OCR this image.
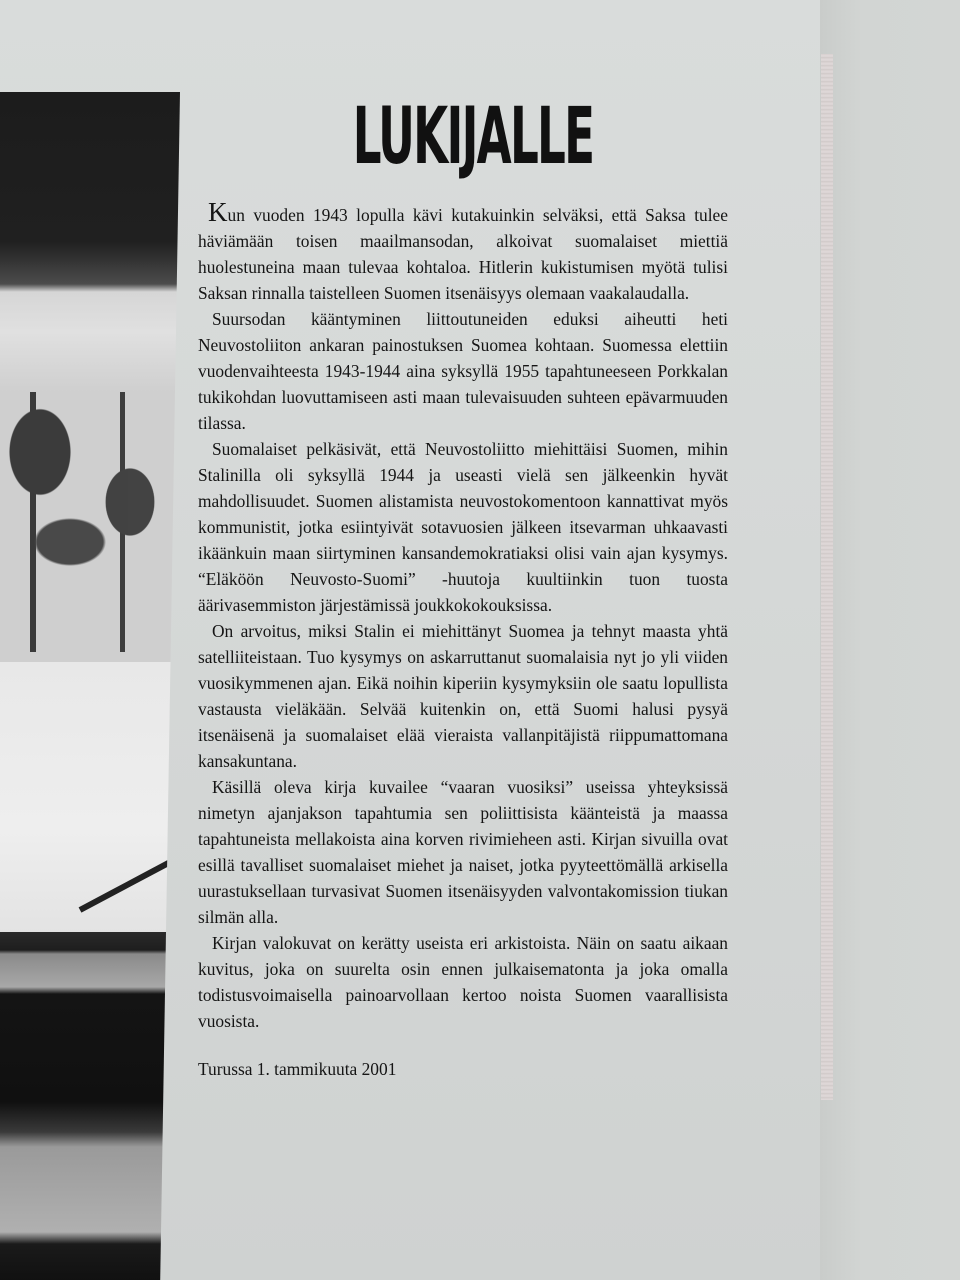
LUKIJALLE

Kun vuoden 1943 lopulla kävi kutakuinkin selväksi, että Saksa tulee häviämään toisen maailmansodan, alkoivat suomalaiset miettiä huolestuneina maan tulevaa kohtaloa. Hitlerin kukistumisen myötä tulisi Saksan rinnalla taistelleen Suomen itsenäisyys olemaan vaakalaudalla.

Suursodan kääntyminen liittoutuneiden eduksi aiheutti heti Neuvostoliiton ankaran painostuksen Suomea kohtaan. Suomessa elettiin vuodenvaihteesta 1943-1944 aina syksyllä 1955 tapahtuneeseen Porkkalan tukikohdan luovuttamiseen asti maan tulevaisuuden suhteen epävarmuuden tilassa.

Suomalaiset pelkäsivät, että Neuvostoliitto miehittäisi Suomen, mihin Stalinilla oli syksyllä 1944 ja useasti vielä sen jälkeenkin hyvät mahdollisuudet. Suomen alistamista neuvostokomentoon kannattivat myös kommunistit, jotka esiintyivät sotavuosien jälkeen itsevarman uhkaavasti ikäänkuin maan siirtyminen kansandemokratiaksi olisi vain ajan kysymys. “Eläköön Neuvosto-Suomi” -huutoja kuultiinkin tuon tuosta äärivasemmiston järjestämissä joukkokokouksissa.

On arvoitus, miksi Stalin ei miehittänyt Suomea ja tehnyt maasta yhtä satelliiteistaan. Tuo kysymys on askarruttanut suomalaisia nyt jo yli viiden vuosikymmenen ajan. Eikä noihin kiperiin kysymyksiin ole saatu lopullista vastausta vieläkään. Selvää kuitenkin on, että Suomi halusi pysyä itsenäisenä ja suomalaiset elää vieraista vallanpitäjistä riippumattomana kansakuntana.

Käsillä oleva kirja kuvailee “vaaran vuosiksi” useissa yhteyksissä nimetyn ajanjakson tapahtumia sen poliittisista käänteistä ja maassa tapahtuneista mellakoista aina korven rivimieheen asti. Kirjan sivuilla ovat esillä tavalliset suomalaiset miehet ja naiset, jotka pyyteettömällä arkisella uurastuksellaan turvasivat Suomen itsenäisyyden valvontakomission tiukan silmän alla.

Kirjan valokuvat on kerätty useista eri arkistoista. Näin on saatu aikaan kuvitus, joka on suurelta osin ennen julkaisematonta ja joka omalla todistusvoimaisella painoarvollaan kertoo noista Suomen vaarallisista vuosista.

Turussa 1. tammikuuta 2001
